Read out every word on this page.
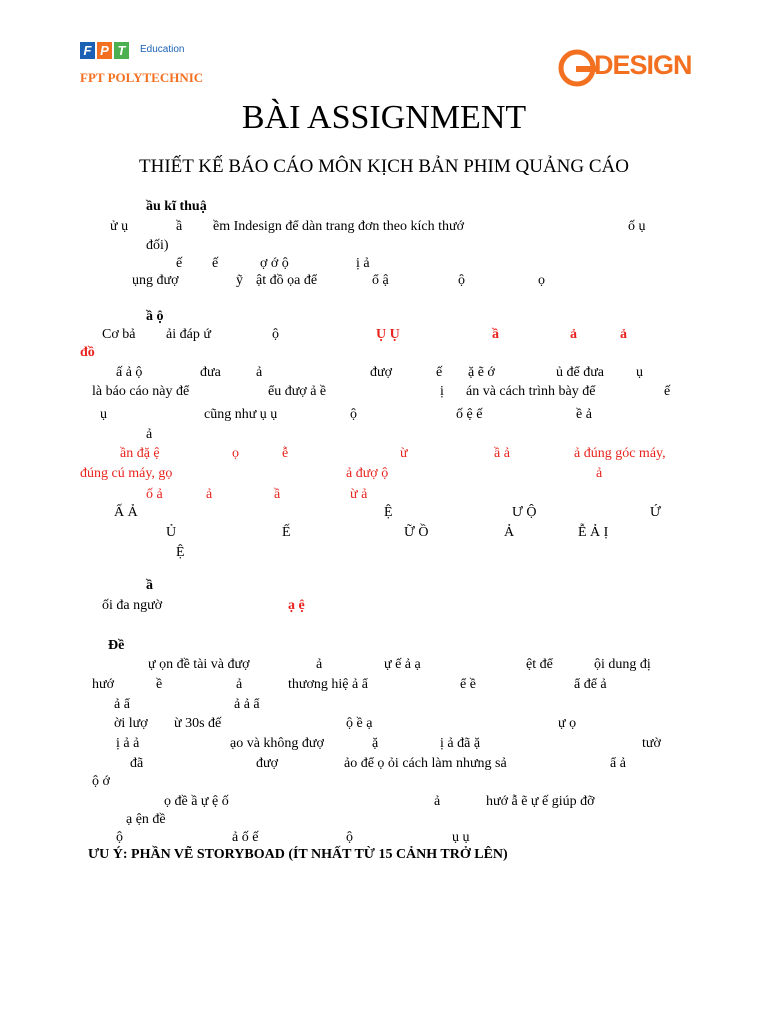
F P T	Education
FPT POLYTECHNIC	DESIGN
BÀI ASSIGNMENT
THIẾT KẾ BÁO CÁO MÔN KỊCH BẢN PHIM QUẢNG CÁO
ầu kĩ thuậ
ử ụ	ầ ềm Indesign để dàn trang đơn theo kích thướ	ố ụ
đối)
ế ế	ợ ớ ộ	ị ả
ụng đượ	ỹ ật đồ ọa để	ổ ậ	ộ	ọ
ầ ộ
Cơ bả ải đáp ứ	ộ	Ụ Ụ	ầ	ả	ả
đồ
ấ ả ộ	đưa	ả	đượ	ế ặ ẽ ớ	ủ để đưa ụ
là báo cáo này để	ểu đượ ả ề	ị án và cách trình bày để	ế
ụ	cũng như ụ ụ	ộ	ố ệ ế	ề ả
ả
ần đặ ệ	ọ	ễ	ừ	ầ ả	ả đúng góc máy,
đúng cú máy, gọ	ả đượ ộ	ả
ố ả	ả	ầ	ừ ả
Ấ Ả	Ệ	Ư Ộ	Ứ
Ủ	Ế	Ữ Ồ	Ả	Ễ Ả Ị
Ệ
ầ
ối đa ngườ	ạ ệ
Đề
ự ọn đề tài và đượ	ả	ự ế ả ạ	ệt để	ội dung đị
hướ	ề	ả	thương hiệ ả ẩ	ể ề	ẩ để ả
ả ẩ	ả ả ẩ
ời lượ ừ 30s đế	ộ ề ạ	ự ọ
ị ả ả	ạo và không đượ	ặ	ị ả đã ặ	tườ
đã	đượ	ảo để ọ ỏi cách làm nhưng sả	ẩ ả
ộ ớ
ọ đề ầ ự ệ ố	ả	hướ ẫ ẽ ự ế giúp đỡ
ạ ện đề
ộ	ả ố ế	ộ	ụ ụ
ƯU Ý: PHẦN VẼ STORYBOAD (ÍT NHẤT TỪ 15 CẢNH TRỞ LÊN)
